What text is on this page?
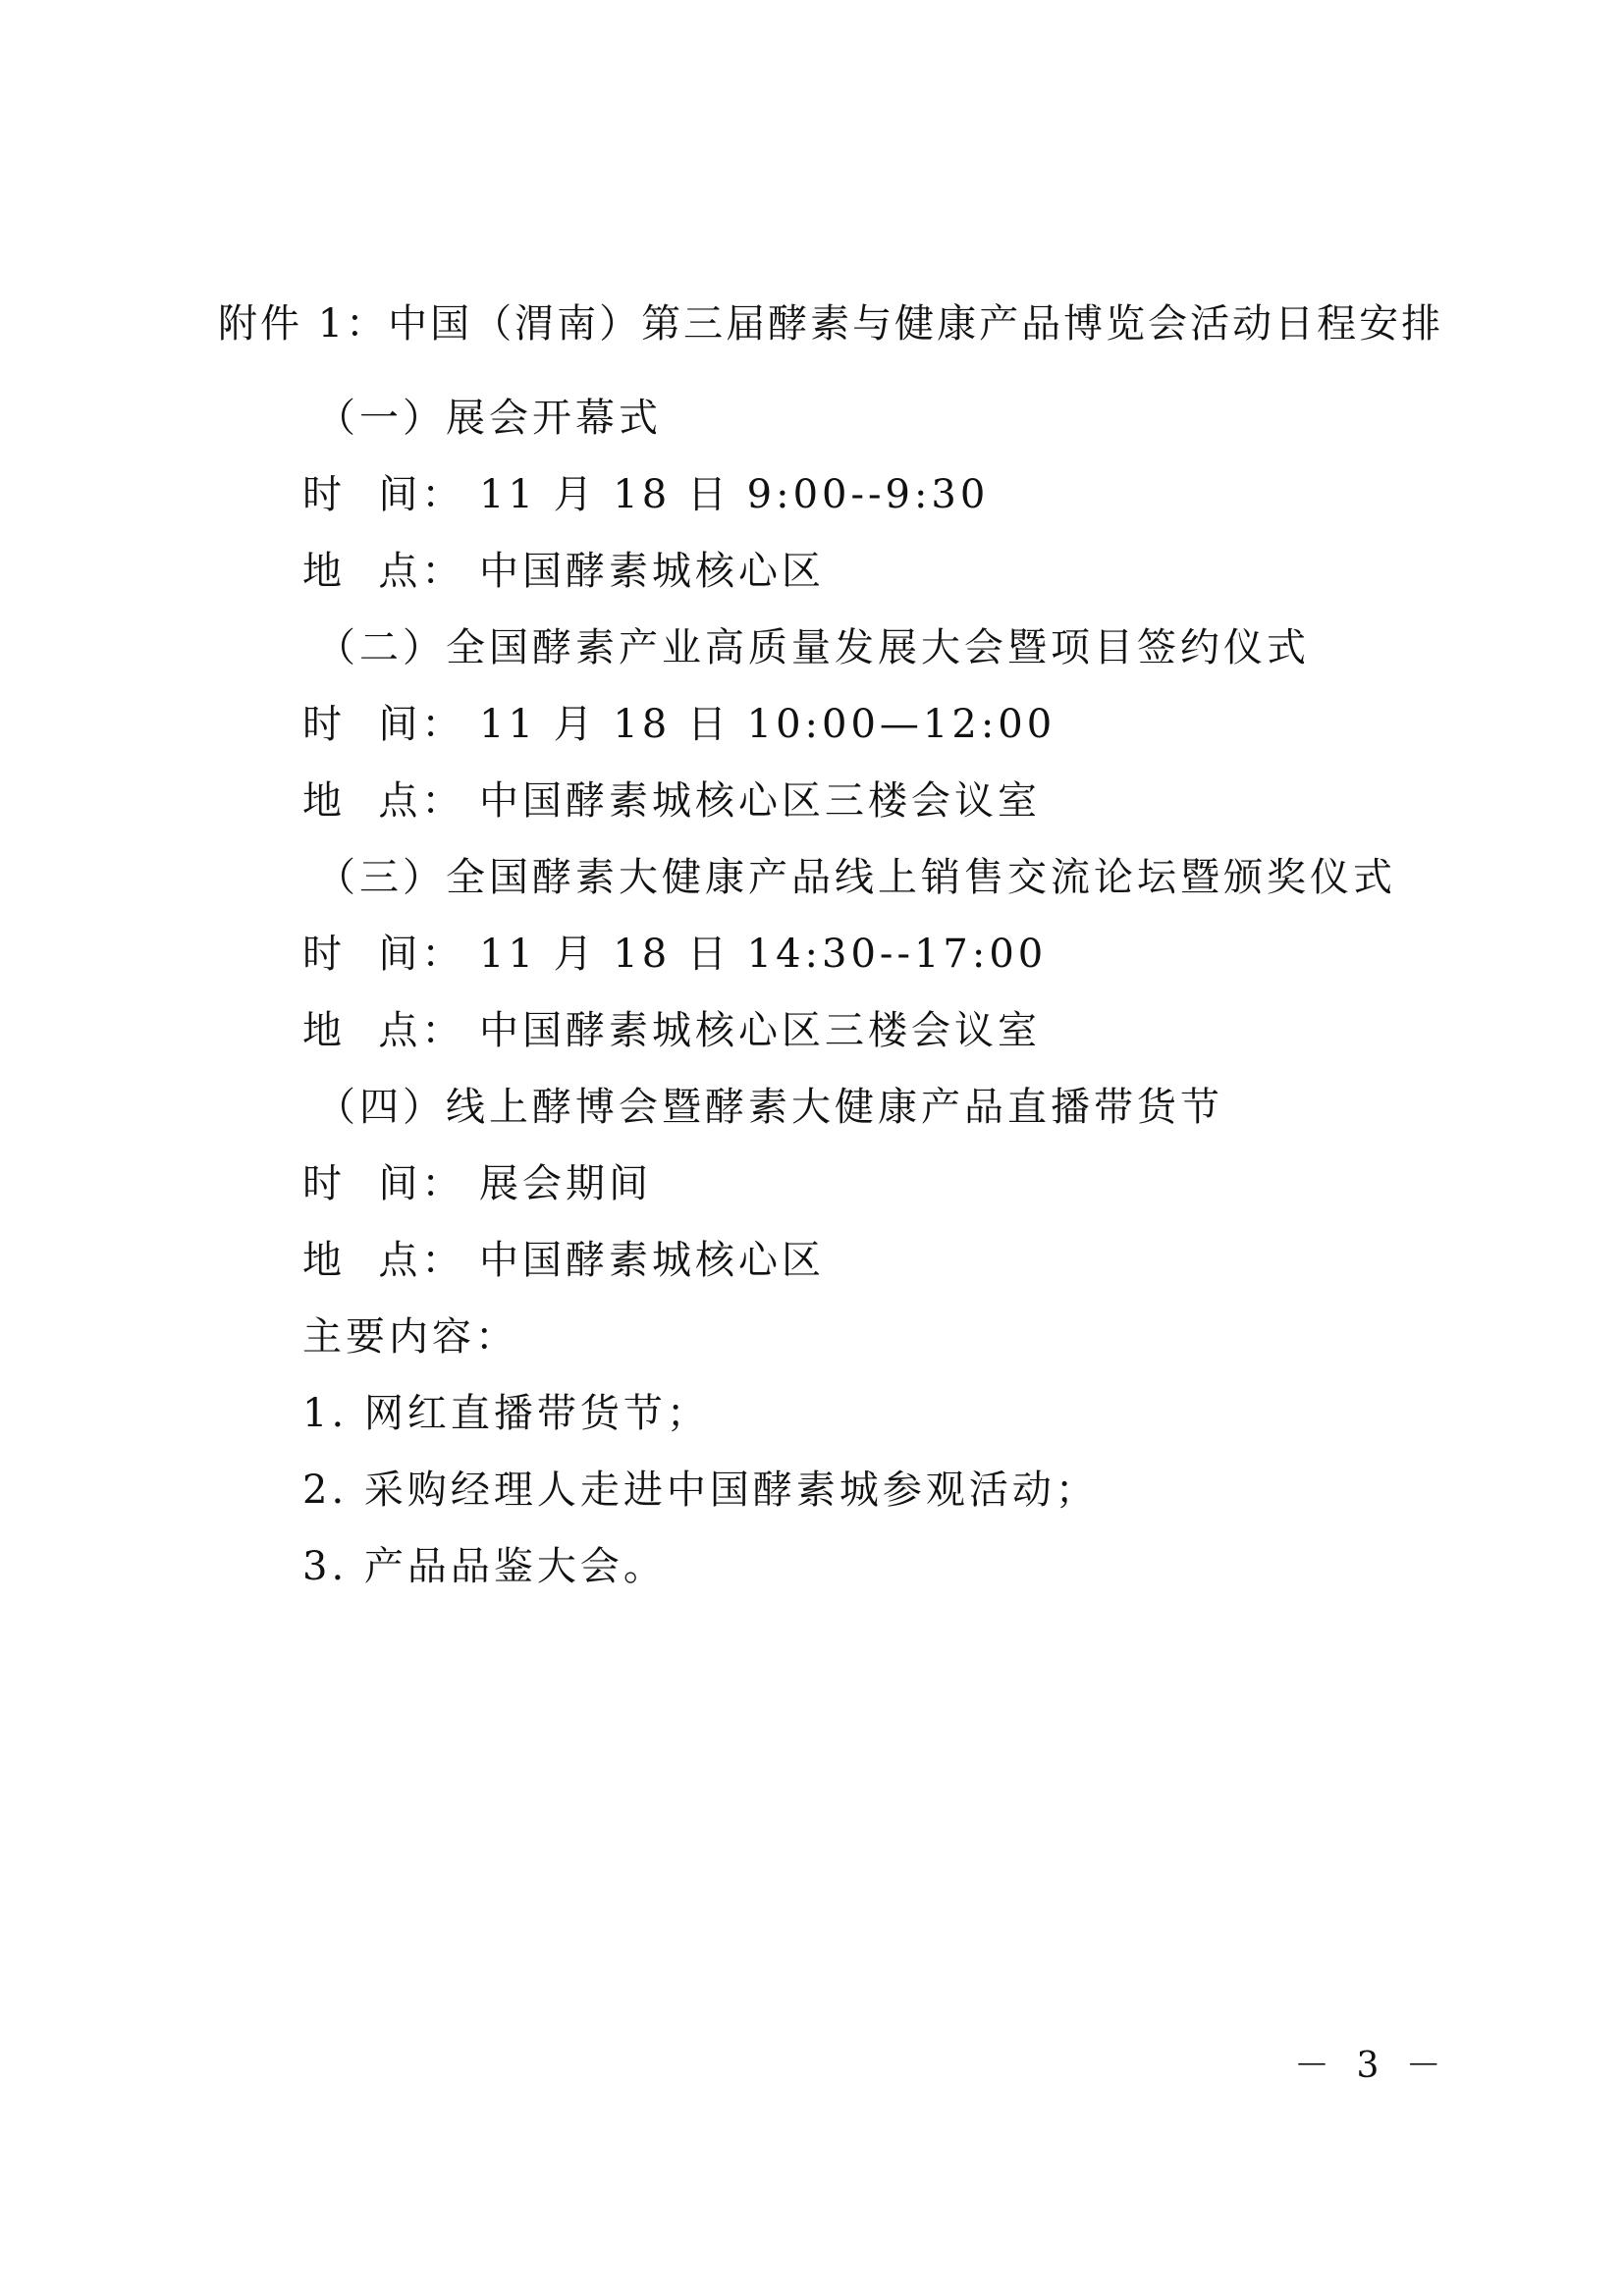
附件 1：中国（渭南）第三届酵素与健康产品博览会活动日程安排
（一）展会开幕式
时  间： 11 月 18 日 9:00--9:30
地  点： 中国酵素城核心区
（二）全国酵素产业高质量发展大会暨项目签约仪式
时  间： 11 月 18 日 10:00—12:00
地  点： 中国酵素城核心区三楼会议室
（三）全国酵素大健康产品线上销售交流论坛暨颁奖仪式
时  间： 11 月 18 日 14:30--17:00
地  点： 中国酵素城核心区三楼会议室
（四）线上酵博会暨酵素大健康产品直播带货节
时  间： 展会期间
地  点： 中国酵素城核心区
主要内容：
1. 网红直播带货节；
2. 采购经理人走进中国酵素城参观活动；
3. 产品品鉴大会。
－ 3 －
